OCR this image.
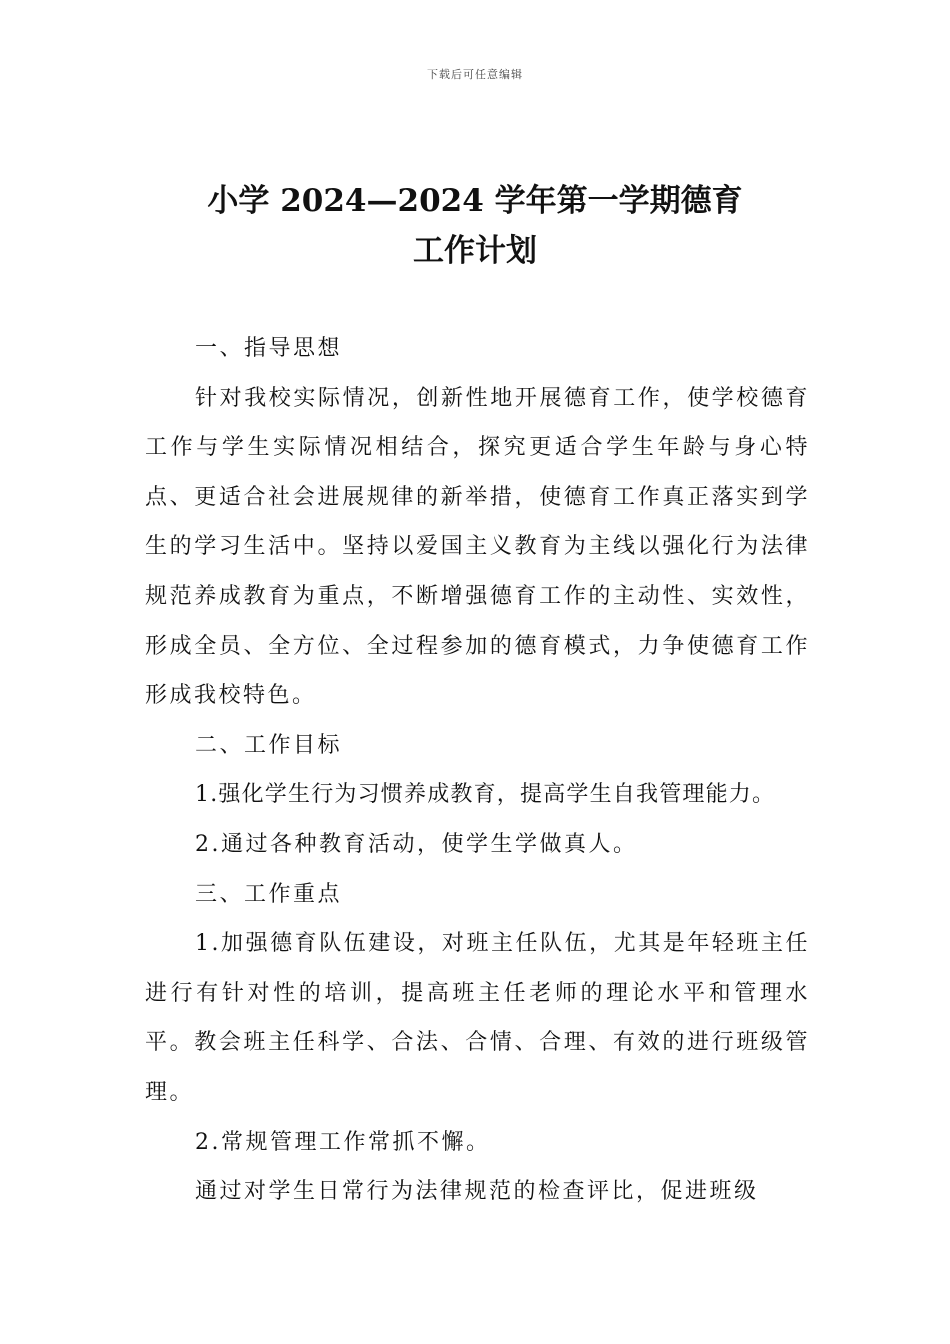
下载后可任意编辑
小学 2024—2024 学年第一学期德育
工作计划

一、指导思想

针对我校实际情况，创新性地开展德育工作，使学校德育工作与学生实际情况相结合，探究更适合学生年龄与身心特点、更适合社会进展规律的新举措，使德育工作真正落实到学生的学习生活中。坚持以爱国主义教育为主线以强化行为法律规范养成教育为重点，不断增强德育工作的主动性、实效性，形成全员、全方位、全过程参加的德育模式，力争使德育工作形成我校特色。

二、工作目标

1.强化学生行为习惯养成教育，提高学生自我管理能力。

2.通过各种教育活动，使学生学做真人。

三、工作重点

1.加强德育队伍建设，对班主任队伍，尤其是年轻班主任进行有针对性的培训，提高班主任老师的理论水平和管理水平。教会班主任科学、合法、合情、合理、有效的进行班级管理。

2.常规管理工作常抓不懈。

通过对学生日常行为法律规范的检查评比，促进班级
